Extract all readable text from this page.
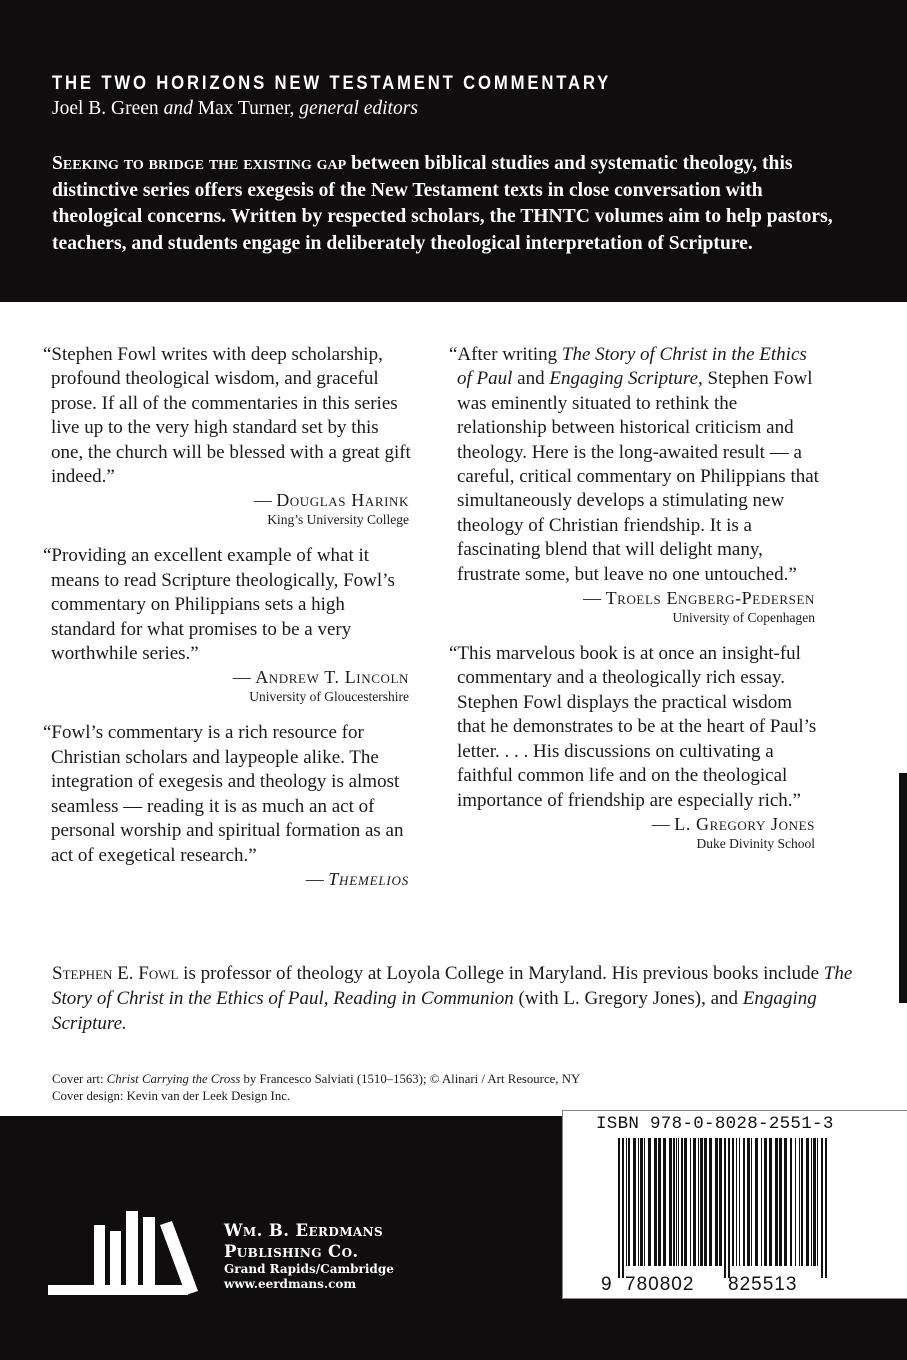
THE TWO HORIZONS NEW TESTAMENT COMMENTARY
Joel B. Green and Max Turner, general editors

Seeking to bridge the existing gap between biblical studies and systematic theology, this distinctive series offers exegesis of the New Testament texts in close conversation with theological concerns. Written by respected scholars, the THNTC volumes aim to help pastors, teachers, and students engage in deliberately theological interpretation of Scripture.

“Stephen Fowl writes with deep scholarship, profound theological wisdom, and graceful prose. If all of the commentaries in this series live up to the very high standard set by this one, the church will be blessed with a great gift indeed.”

— Douglas Harink
King’s University College

“Providing an excellent example of what it means to read Scripture theologically, Fowl’s commentary on Philippians sets a high standard for what promises to be a very worthwhile series.”

— Andrew T. Lincoln
University of Gloucestershire

“Fowl’s commentary is a rich resource for Christian scholars and laypeople alike. The integration of exegesis and theology is almost seamless — reading it is as much an act of personal worship and spiritual formation as an act of exegetical research.”

— Themelios

“After writing The Story of Christ in the Ethics of Paul and Engaging Scripture, Stephen Fowl was eminently situated to rethink the relationship between historical criticism and theology. Here is the long-awaited result — a careful, critical commentary on Philippians that simultaneously develops a stimulating new theology of Christian friendship. It is a fascinating blend that will delight many, frustrate some, but leave no one untouched.”

— Troels Engberg-Pedersen
University of Copenhagen

“This marvelous book is at once an insight-ful commentary and a theologically rich essay. Stephen Fowl displays the practical wisdom that he demonstrates to be at the heart of Paul’s letter. . . . His discussions on cultivating a faithful common life and on the theological importance of friendship are especially rich.”

— L. Gregory Jones
Duke Divinity School

Stephen E. Fowl is professor of theology at Loyola College in Maryland. His previous books include The Story of Christ in the Ethics of Paul, Reading in Communion (with L. Gregory Jones), and Engaging Scripture.

Cover art: Christ Carrying the Cross by Francesco Salviati (1510–1563); © Alinari / Art Resource, NY
Cover design: Kevin van der Leek Design Inc.
Wm. B. Eerdmans
Publishing Co.
Grand Rapids/Cambridge
www.eerdmans.com	9 780802 825513
ISBN 978-0-8028-2551-3
